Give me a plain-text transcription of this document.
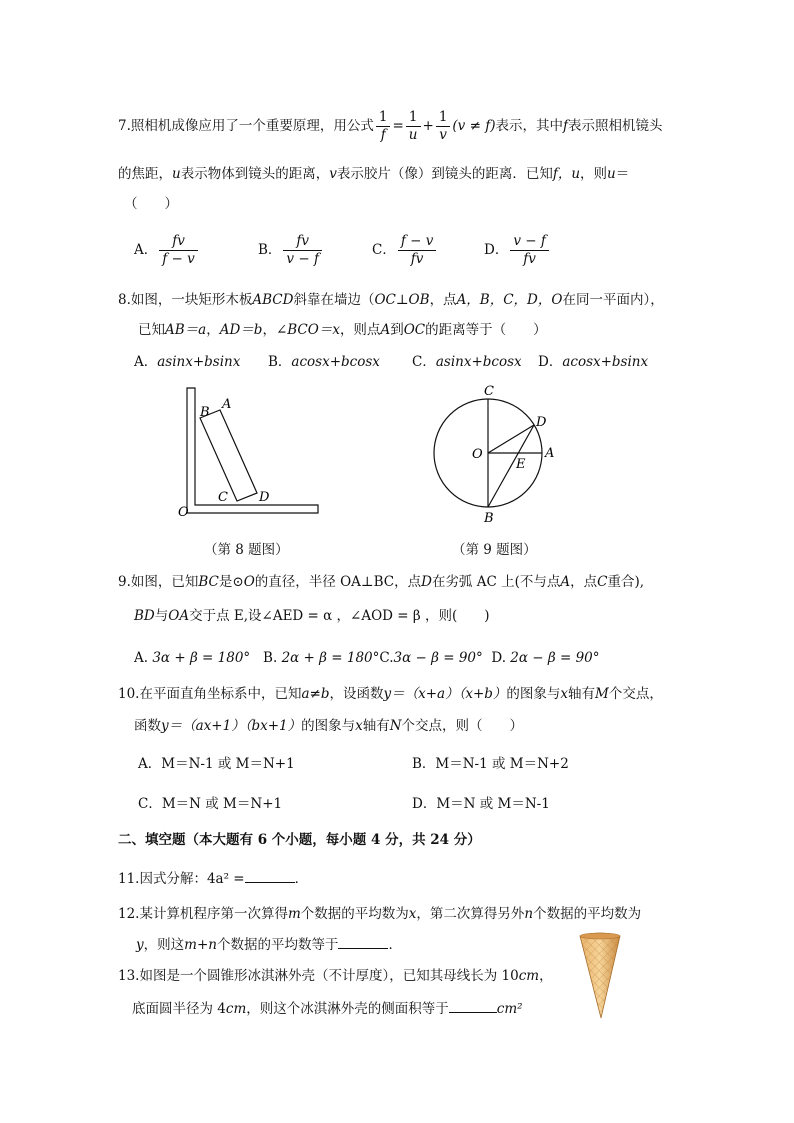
7.照相机成像应用了一个重要原理，用公式 $\frac{1}{f} = \frac{1}{u} + \frac{1}{v} (v \ne f)$表示，其中f表示照相机镜头
的焦距，u表示物体到镜头的距离，v表示胶片（像）到镜头的距离．已知f，u，则u＝
（　　）
A． $\frac{fv}{f - v}$	B． $\frac{fv}{v - f}$	C． $\frac{f - v}{fv}$	D． $\frac{v - f}{fv}$
8.如图，一块矩形木板ABCD斜靠在墙边（OC⊥OB，点A，B，C，D，O在同一平面内），
已知AB＝a，AD＝b，∠BCO＝x，则点A到OC的距离等于（　　）
A．asinx+bsinx B．acosx+bcosx C．asinx+bcosx D．acosx+bsinx
B
A
C D
O
（第 8 题图）
C
D
O	A
E
B
（第 9 题图）
9.如图，已知BC是⊙O的直径，半径 OA⊥BC，点D在劣弧 AC 上(不与点A，点C重合),
BD与OA交于点 E,设∠AED = α ，∠AOD = β ，则(　　)
A. 3α + β = 180° B. 2α + β = 180°C.3α − β = 90° D. 2α − β = 90°
10.在平面直角坐标系中，已知a≠b，设函数y＝（x+a）（x+b）的图象与x轴有M个交点，
函数y＝（ax+1）（bx+1）的图象与x轴有N个交点，则（　　）
A．M＝N-1 或 M＝N+1	B．M＝N-1 或 M＝N+2
C．M＝N 或 M＝N+1	D．M＝N 或 M＝N-1
二、填空题（本大题有 6 个小题，每小题 4 分，共 24 分）
11.因式分解：4a² =	．
12.某计算机程序第一次算得m个数据的平均数为x，第二次算得另外n个数据的平均数为
y，则这m+n个数据的平均数等于	．
13.如图是一个圆锥形冰淇淋外壳（不计厚度），已知其母线长为 10cm，
底面圆半径为 4cm，则这个冰淇淋外壳的侧面积等于	cm²
